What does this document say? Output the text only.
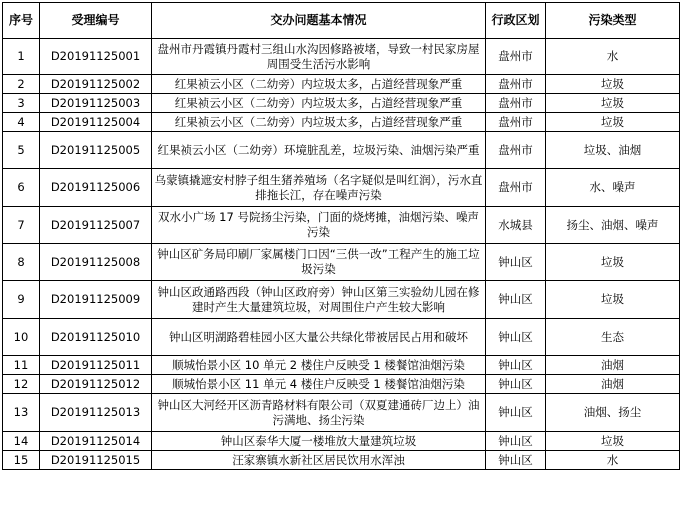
序号	受理编号	交办问题基本情况	行政区划	污染类型
1	D20191125001	盘州市丹霞镇丹霞村三组山水沟因修路被堵，导致一村民家房屋周围受生活污水影响	盘州市	水
2	D20191125002	红果祯云小区（二幼旁）内垃圾太多，占道经营现象严重	盘州市	垃圾
3	D20191125003	红果祯云小区（二幼旁）内垃圾太多，占道经营现象严重	盘州市	垃圾
4	D20191125004	红果祯云小区（二幼旁）内垃圾太多，占道经营现象严重	盘州市	垃圾
5	D20191125005	红果祯云小区（二幼旁）环境脏乱差，垃圾污染、油烟污染严重	盘州市	垃圾、油烟
6	D20191125006	乌蒙镇撬遮安村脖子组生猪养殖场（名字疑似是叫红润），污水直排拖长江，存在噪声污染	盘州市	水、噪声
7	D20191125007	双水小广场 17 号院扬尘污染，门面的烧烤摊，油烟污染、噪声污染	水城县	扬尘、油烟、噪声
8	D20191125008	钟山区矿务局印刷厂家属楼门口因“三供一改”工程产生的施工垃圾污染	钟山区	垃圾
9	D20191125009	钟山区政通路西段（钟山区政府旁）钟山区第三实验幼儿园在修建时产生大量建筑垃圾，对周围住户产生较大影响	钟山区	垃圾
10	D20191125010	钟山区明湖路碧桂园小区大量公共绿化带被居民占用和破坏	钟山区	生态
11	D20191125011	顺城怡景小区 10 单元 2 楼住户反映受 1 楼餐馆油烟污染	钟山区	油烟
12	D20191125012	顺城怡景小区 11 单元 4 楼住户反映受 1 楼餐馆油烟污染	钟山区	油烟
13	D20191125013	钟山区大河经开区沥青路材料有限公司（双夏建通砖厂边上）油污满地、扬尘污染	钟山区	油烟、扬尘
14	D20191125014	钟山区泰华大厦一楼堆放大量建筑垃圾	钟山区	垃圾
15	D20191125015	汪家寨镇水新社区居民饮用水浑浊	钟山区	水
